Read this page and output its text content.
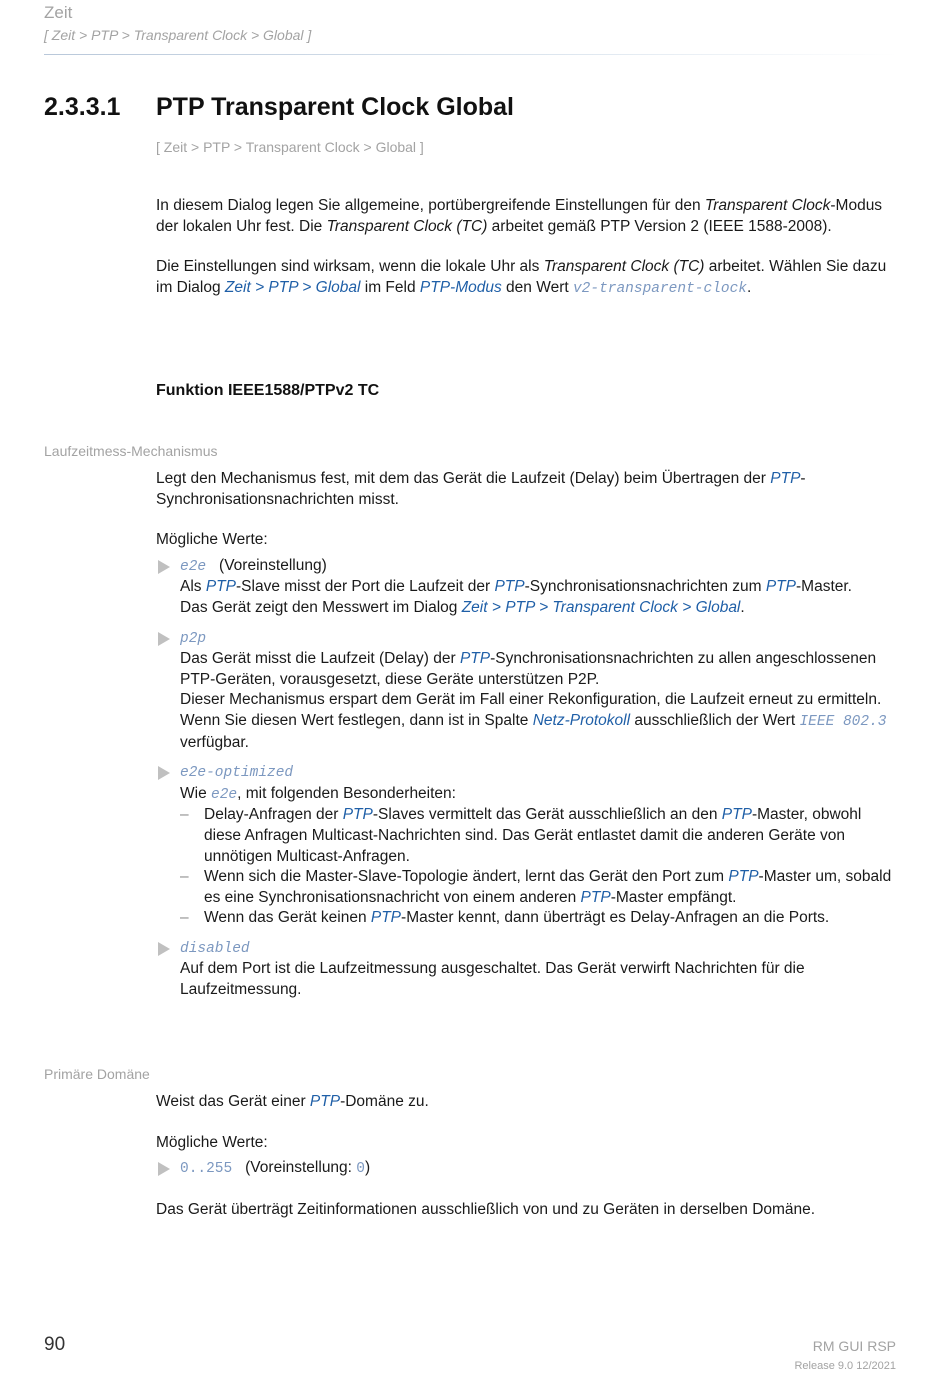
Zeit
[ Zeit > PTP > Transparent Clock > Global ]
2.3.3.1 PTP Transparent Clock Global
[ Zeit > PTP > Transparent Clock > Global ]

In diesem Dialog legen Sie allgemeine, portübergreifende Einstellungen für den Transparent Clock-Modus der lokalen Uhr fest. Die Transparent Clock (TC) arbeitet gemäß PTP Version 2 (IEEE 1588-2008).

Die Einstellungen sind wirksam, wenn die lokale Uhr als Transparent Clock (TC) arbeitet. Wählen Sie dazu im Dialog Zeit > PTP > Global im Feld PTP-Modus den Wert v2-transparent-clock.

Funktion IEEE1588/PTPv2 TC
Laufzeitmess-Mechanismus

Legt den Mechanismus fest, mit dem das Gerät die Laufzeit (Delay) beim Übertragen der PTP-Synchronisationsnachrichten misst.

Mögliche Werte:

e2e (Voreinstellung)

Als PTP-Slave misst der Port die Laufzeit der PTP-Synchronisationsnachrichten zum PTP-Master.

Das Gerät zeigt den Messwert im Dialog Zeit > PTP > Transparent Clock > Global.

p2p

Das Gerät misst die Laufzeit (Delay) der PTP-Synchronisationsnachrichten zu allen angeschlossenen PTP-Geräten, vorausgesetzt, diese Geräte unterstützen P2P.

Dieser Mechanismus erspart dem Gerät im Fall einer Rekonfiguration, die Laufzeit erneut zu ermitteln.

Wenn Sie diesen Wert festlegen, dann ist in Spalte Netz-Protokoll ausschließlich der Wert IEEE 802.3 verfügbar.

e2e-optimized

Wie e2e, mit folgenden Besonderheiten:

– Delay-Anfragen der PTP-Slaves vermittelt das Gerät ausschließlich an den PTP-Master, obwohl diese Anfragen Multicast-Nachrichten sind. Das Gerät entlastet damit die anderen Geräte von unnötigen Multicast-Anfragen.
– Wenn sich die Master-Slave-Topologie ändert, lernt das Gerät den Port zum PTP-Master um, sobald es eine Synchronisationsnachricht von einem anderen PTP-Master empfängt.
– Wenn das Gerät keinen PTP-Master kennt, dann überträgt es Delay-Anfragen an die Ports.

disabled

Auf dem Port ist die Laufzeitmessung ausgeschaltet. Das Gerät verwirft Nachrichten für die Laufzeitmessung.

Primäre Domäne

Weist das Gerät einer PTP-Domäne zu.

Mögliche Werte:

0..255 (Voreinstellung: 0)

Das Gerät überträgt Zeitinformationen ausschließlich von und zu Geräten in derselben Domäne.

90	RM GUI RSP
Release 9.0 12/2021
